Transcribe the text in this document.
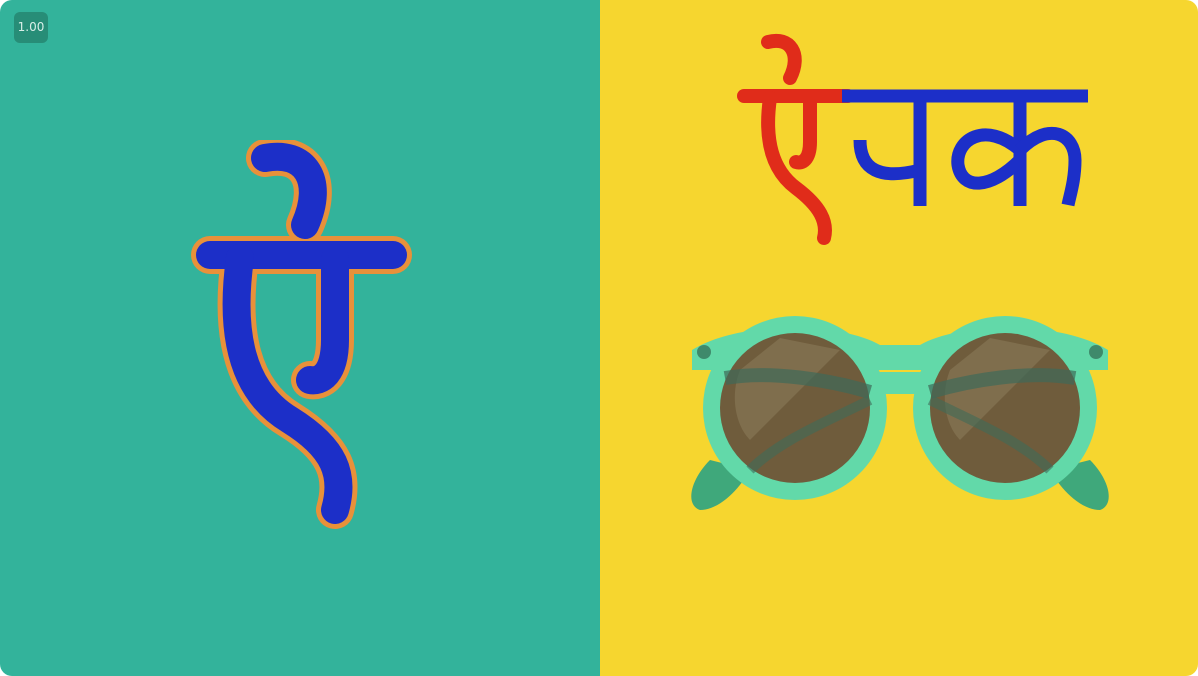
1.00
